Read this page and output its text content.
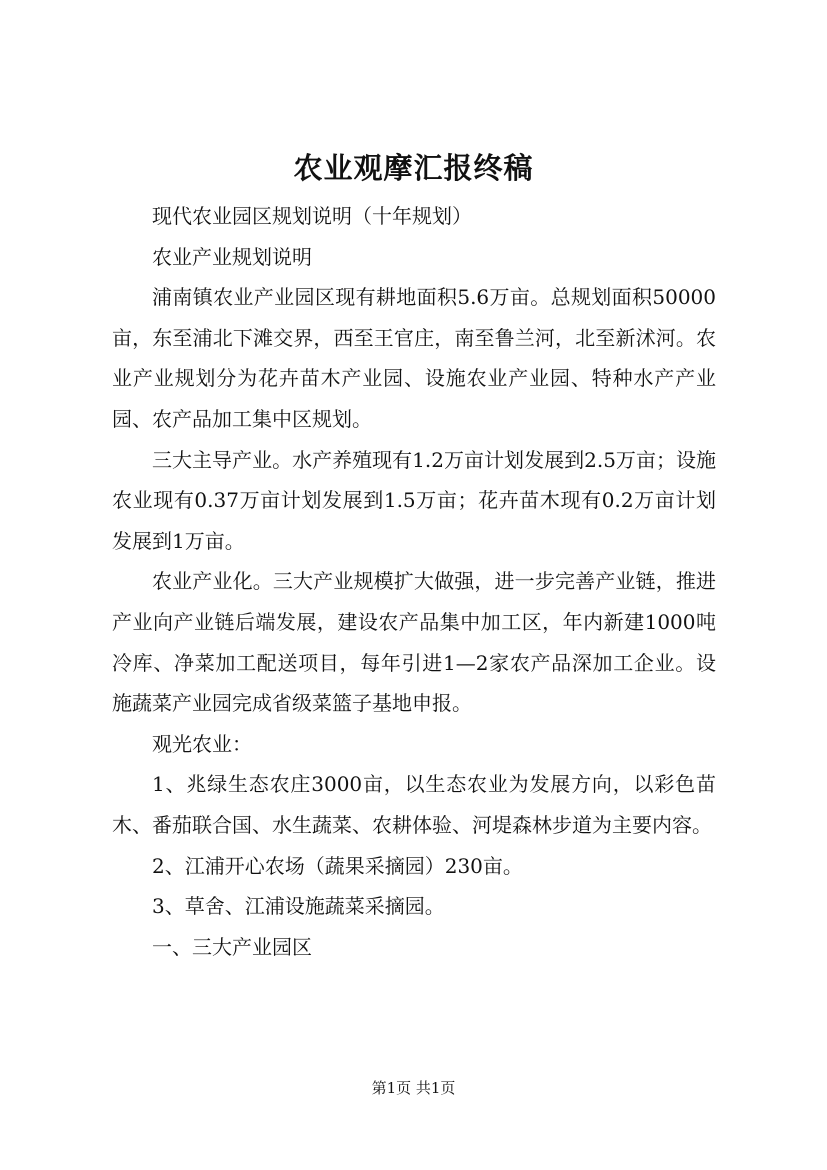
农业观摩汇报终稿

现代农业园区规划说明（十年规划）

农业产业规划说明

浦南镇农业产业园区现有耕地面积5.6万亩。总规划面积50000亩，东至浦北下滩交界，西至王官庄，南至鲁兰河，北至新沭河。农业产业规划分为花卉苗木产业园、设施农业产业园、特种水产产业园、农产品加工集中区规划。

三大主导产业。水产养殖现有1.2万亩计划发展到2.5万亩；设施农业现有0.37万亩计划发展到1.5万亩；花卉苗木现有0.2万亩计划发展到1万亩。

农业产业化。三大产业规模扩大做强，进一步完善产业链，推进产业向产业链后端发展，建设农产品集中加工区，年内新建1000吨冷库、净菜加工配送项目，每年引进1—2家农产品深加工企业。设施蔬菜产业园完成省级菜篮子基地申报。

观光农业：

1、兆绿生态农庄3000亩，以生态农业为发展方向，以彩色苗木、番茄联合国、水生蔬菜、农耕体验、河堤森林步道为主要内容。

2、江浦开心农场（蔬果采摘园）230亩。

3、草舍、江浦设施蔬菜采摘园。

一、三大产业园区

第1页 共1页
